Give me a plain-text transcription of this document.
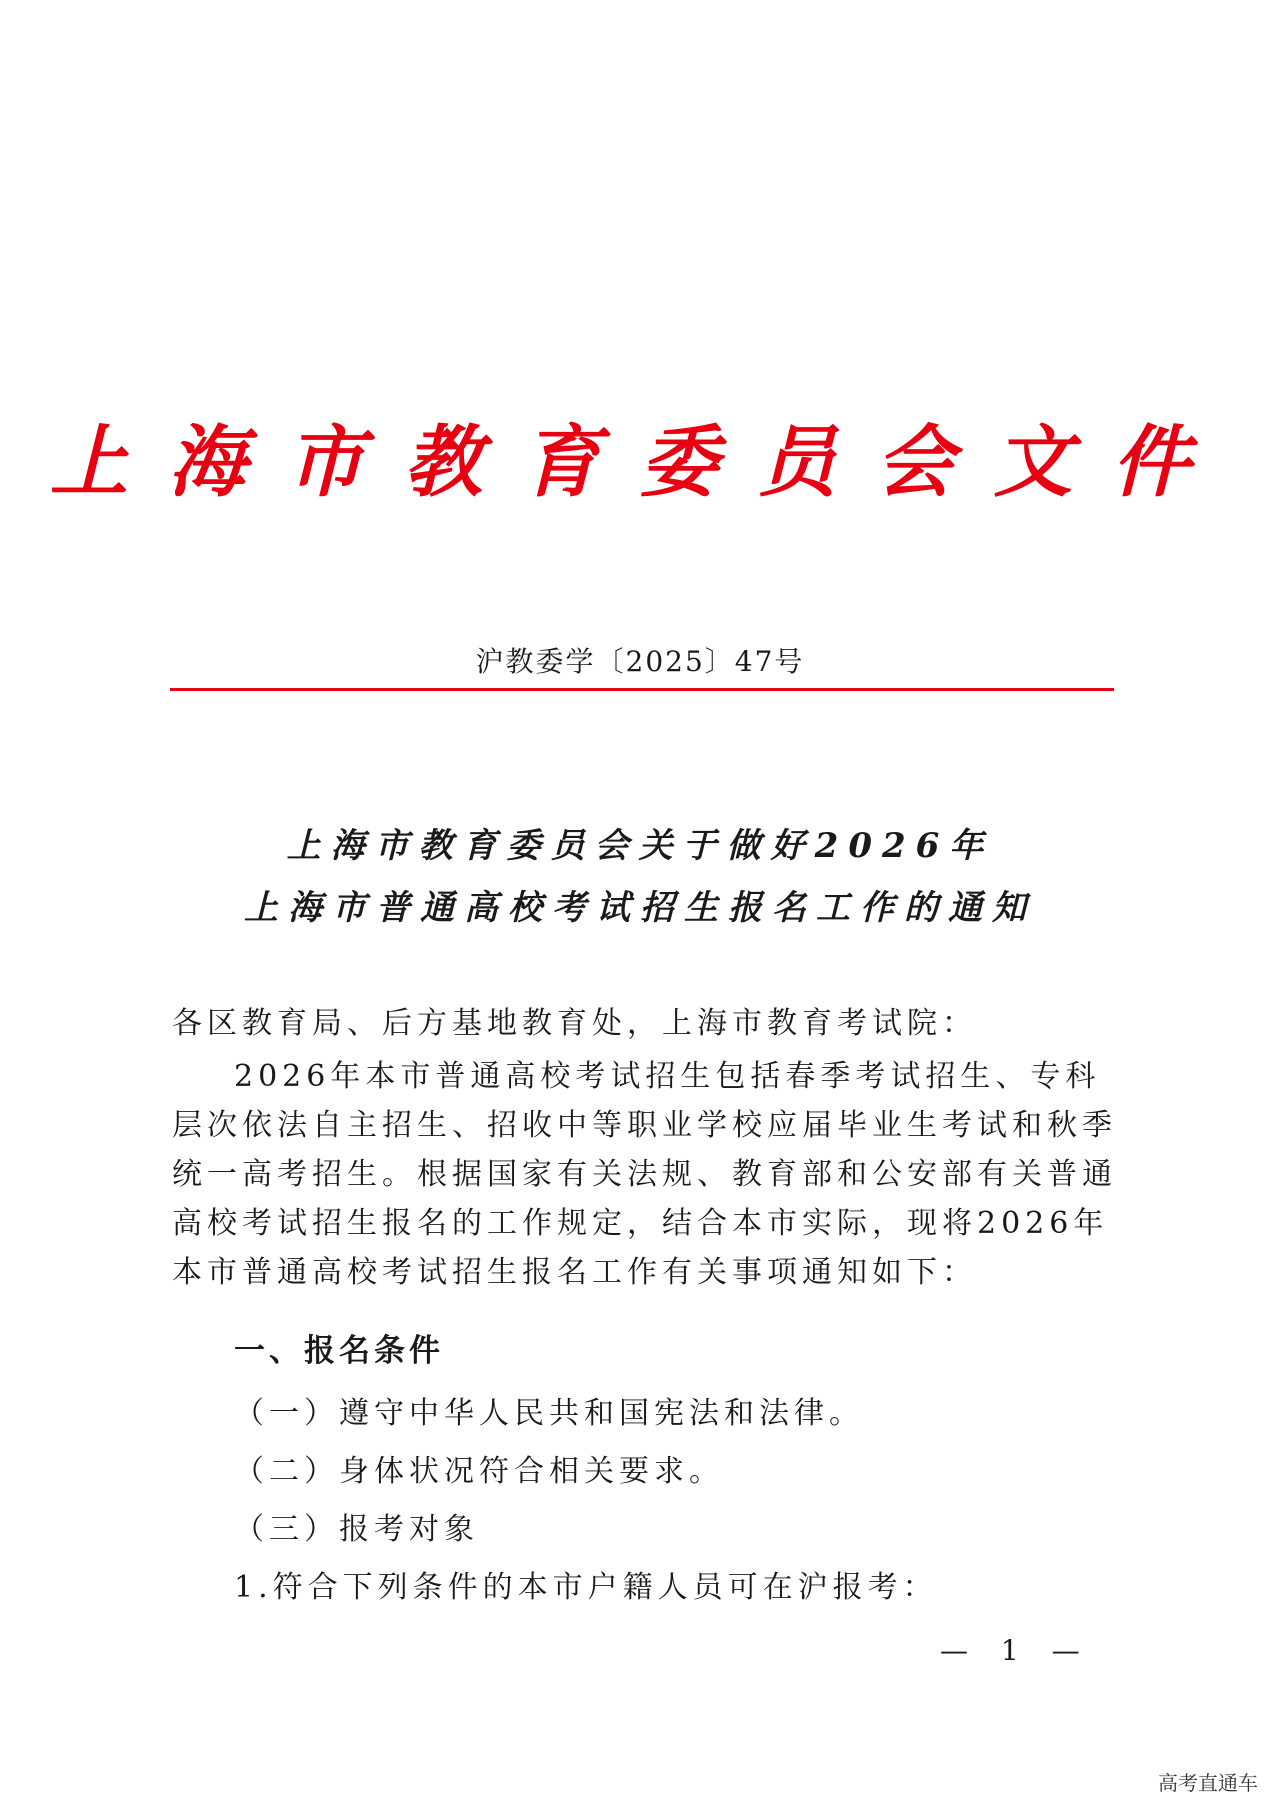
上海市教育委员会文件
沪教委学〔2025〕47号
上海市教育委员会关于做好2026年
上海市普通高校考试招生报名工作的通知
各区教育局、后方基地教育处，上海市教育考试院：
2026年本市普通高校考试招生包括春季考试招生、专科层次依法自主招生、招收中等职业学校应届毕业生考试和秋季统一高考招生。根据国家有关法规、教育部和公安部有关普通高校考试招生报名的工作规定，结合本市实际，现将2026年本市普通高校考试招生报名工作有关事项通知如下：
一、报名条件
（一）遵守中华人民共和国宪法和法律。
（二）身体状况符合相关要求。
（三）报考对象
1.符合下列条件的本市户籍人员可在沪报考：
— 1 —
高考直通车
